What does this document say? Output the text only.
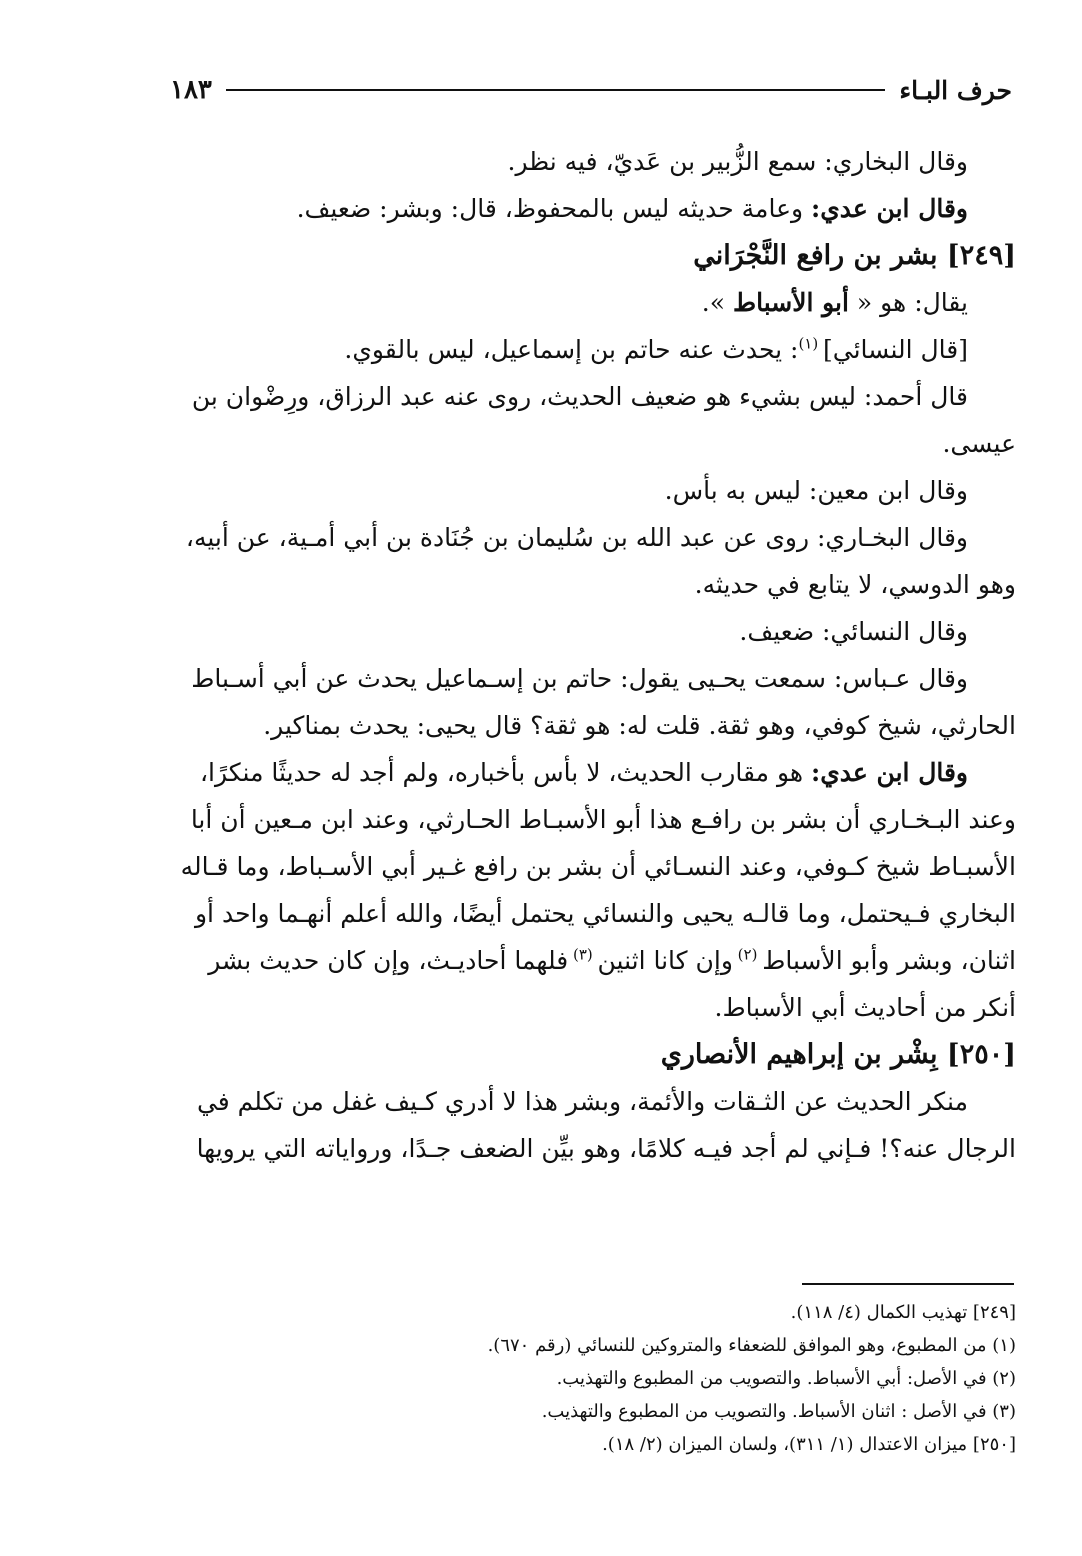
حرف البـاء
١٨٣

وقال البخاري: سمع الزُّبير بن عَديّ، فيه نظر.

وقال ابن عدي: وعامة حديثه ليس بالمحفوظ، قال: وبشر: ضعيف.

[٢٤٩] بشر بن رافع النَّجْرَاني

يقال: هو « أبو الأسباط ».

[قال النسائي] $^{(١)}$: يحدث عنه حاتم بن إسماعيل، ليس بالقوي.

قال أحمد: ليس بشيء هو ضعيف الحديث، روى عنه عبد الرزاق، ورِضْوان بن

عيسى.

وقال ابن معين: ليس به بأس.

وقال البخـاري: روى عن عبد الله بن سُليمان بن جُنَادة بن أبي أمـية، عن أبيه،

وهو الدوسي، لا يتابع في حديثه.

وقال النسائي: ضعيف.

وقال عـباس: سمعت يحـيى يقول: حاتم بن إسـماعيل يحدث عن أبي أسـباط

الحارثي، شيخ كوفي، وهو ثقة. قلت له: هو ثقة؟ قال يحيى: يحدث بمناكير.

وقال ابن عدي: هو مقارب الحديث، لا بأس بأخباره، ولم أجد له حديثًا منكرًا،

وعند البـخـاري أن بشر بن رافـع هذا أبو الأسبـاط الحـارثي، وعند ابن مـعين أن أبا

الأسبـاط شيخ كـوفي، وعند النسـائي أن بشر بن رافع غـير أبي الأسـباط، وما قـاله

البخاري فـيحتمل، وما قالـه يحيى والنسائي يحتمل أيضًا، والله أعلم أنهـما واحد أو

اثنان، وبشر وأبو الأسباط $^{(٢)}$ وإن كانا اثنين $^{(٣)}$ فلهما أحاديـث، وإن كان حديث بشر

أنكر من أحاديث أبي الأسباط.

[٢٥٠] بِشْر بن إبراهيم الأنصاري

منكر الحديث عن الثـقات والأئمة، وبشر هذا لا أدري كـيف غفل من تكلم في

الرجال عنه؟! فـإني لم أجد فيـه كلامًا، وهو بيِّن الضعف جـدًا، ورواياته التي يرويها

[٢٤٩] تهذيب الكمال (٤/ ١١٨).

(١) من المطبوع، وهو الموافق للضعفاء والمتروكين للنسائي (رقم ٦٧٠).

(٢) في الأصل: أبي الأسباط. والتصويب من المطبوع والتهذيب.

(٣) في الأصل : اثنان الأسباط. والتصويب من المطبوع والتهذيب.

[٢٥٠] ميزان الاعتدال (١/ ٣١١)، ولسان الميزان (٢/ ١٨).
